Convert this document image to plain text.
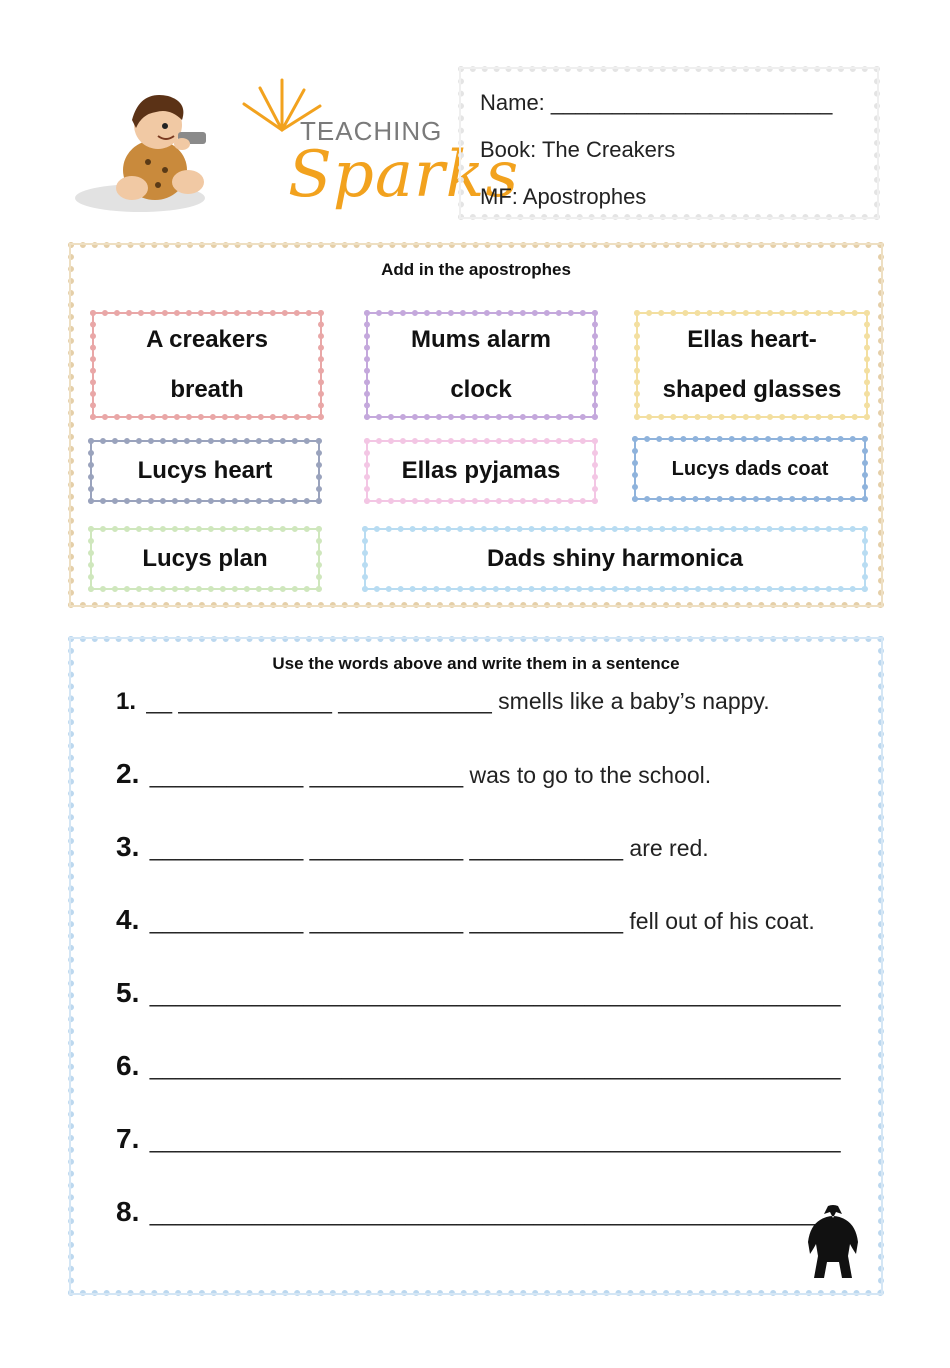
TEACHING
Sparks
Name: _______________________
Book: The Creakers
MF: Apostrophes
Add in the apostrophes
A creakers
breath
Mums alarm
clock
Ellas heart-
shaped glasses
Lucys heart	Ellas pyjamas	Lucys dads coat
Lucys plan	Dads shiny harmonica
Use the words above and write them in a sentence
1. __ ____________ ____________ smells like a baby’s nappy.
2. ____________ ____________ was to go to the school.
3. ____________ ____________ ____________ are red.
4. ____________ ____________ ____________ fell out of his coat.
5. ______________________________________________________
6. ______________________________________________________
7. ______________________________________________________
8. ______________________________________________________
